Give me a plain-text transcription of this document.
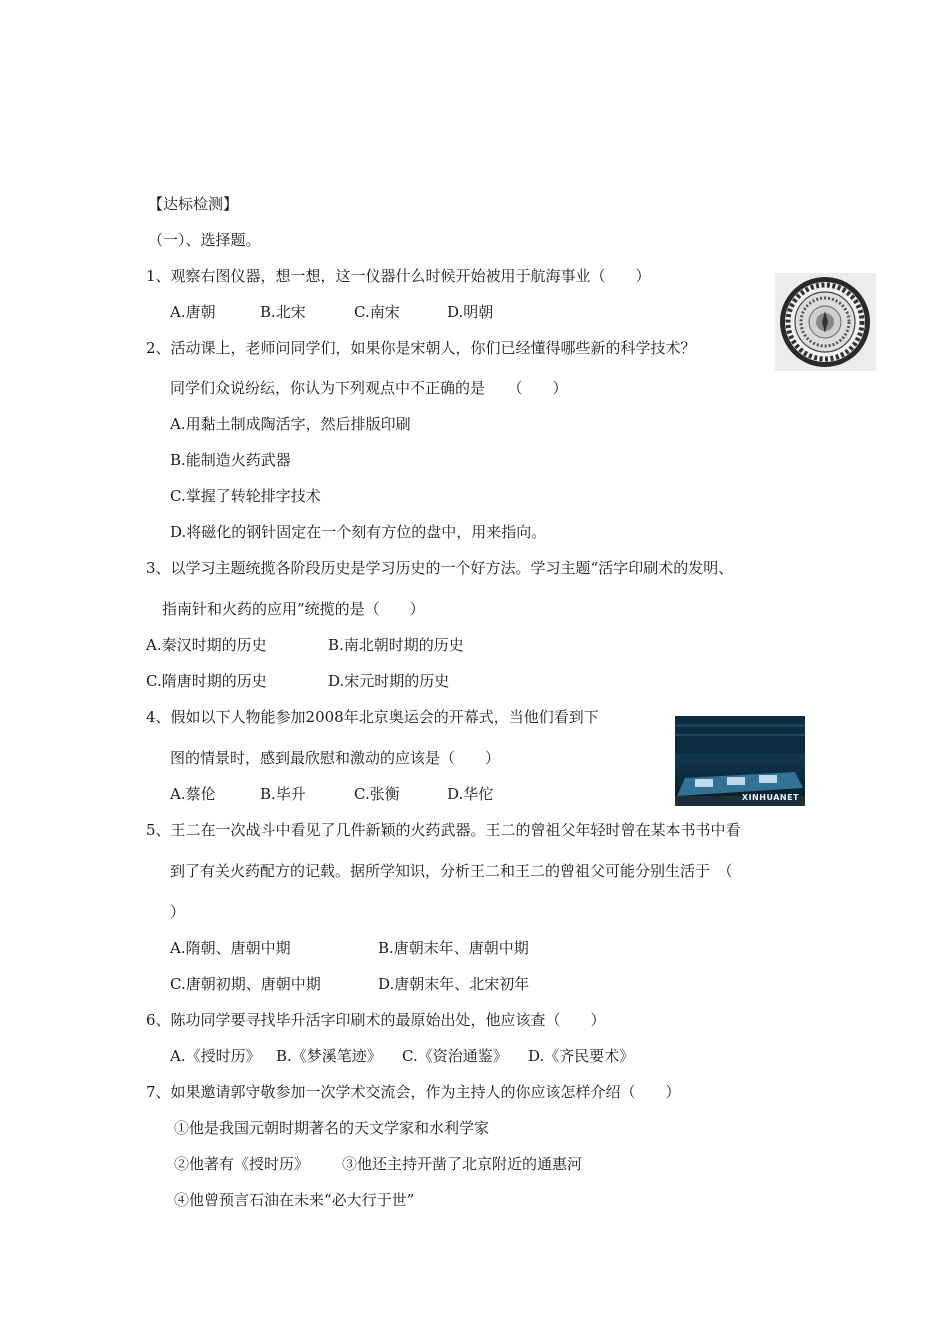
【达标检测】
（一）、选择题。
1、观察右图仪器，想一想，这一仪器什么时候开始被用于航海事业（　　）
A.唐朝	B.北宋	C.南宋	D.明朝
2、活动课上，老师问同学们，如果你是宋朝人，你们已经懂得哪些新的科学技术？
同学们众说纷纭，你认为下列观点中不正确的是　　（　　）
A.用黏土制成陶活字，然后排版印刷
B.能制造火药武器
C.掌握了转轮排字技术
D.将磁化的钢针固定在一个刻有方位的盘中，用来指向。
3、以学习主题统揽各阶段历史是学习历史的一个好方法。学习主题“活字印刷术的发明、
指南针和火药的应用”统揽的是（　　）
A.秦汉时期的历史	B.南北朝时期的历史
C.隋唐时期的历史	D.宋元时期的历史
4、假如以下人物能参加2008年北京奥运会的开幕式，当他们看到下
图的情景时，感到最欣慰和激动的应该是（　　）
A.蔡伦	B.毕升	C.张衡	D.华佗	XINHUANET
5、王二在一次战斗中看见了几件新颖的火药武器。王二的曾祖父年轻时曾在某本书书中看
到了有关火药配方的记载。据所学知识，分析王二和王二的曾祖父可能分别生活于　（
）
A.隋朝、唐朝中期	B.唐朝末年、唐朝中期
C.唐朝初期、唐朝中期	D.唐朝末年、北宋初年
6、陈功同学要寻找毕升活字印刷术的最原始出处，他应该查（　　）
A.《授时历》 B.《梦溪笔迹》 C.《资治通鉴》 D.《齐民要术》
7、如果邀请郭守敬参加一次学术交流会，作为主持人的你应该怎样介绍（　　）
①他是我国元朝时期著名的天文学家和水利学家
②他著有《授时历》 ③他还主持开凿了北京附近的通惠河
④他曾预言石油在未来“必大行于世”
